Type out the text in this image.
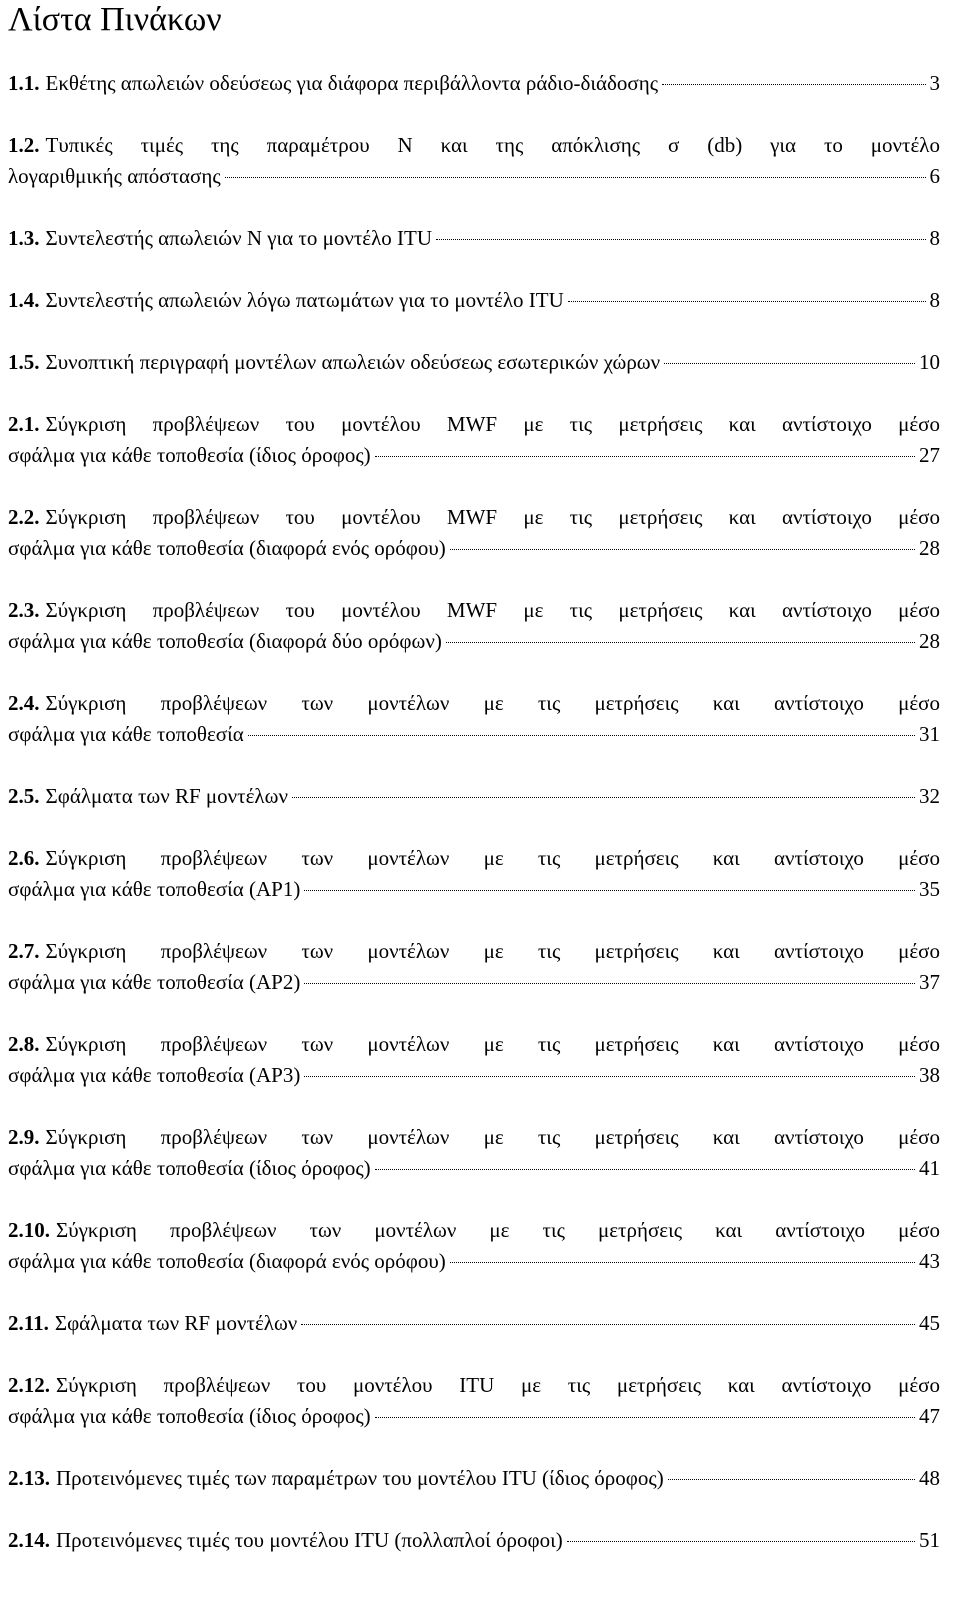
Λίστα Πινάκων
1.1. Εκθέτης απωλειών οδεύσεως για διάφορα περιβάλλοντα ράδιο-διάδοσης	3
1.2. Τυπικές τιμές της παραμέτρου Ν και της απόκλισης σ (db) για το μοντέλο
λογαριθμικής απόστασης	6
1.3. Συντελεστής απωλειών Ν για το μοντέλο ITU	8
1.4. Συντελεστής απωλειών λόγω πατωμάτων για το μοντέλο ITU	8
1.5. Συνοπτική περιγραφή μοντέλων απωλειών οδεύσεως εσωτερικών χώρων	10
2.1. Σύγκριση προβλέψεων του μοντέλου MWF με τις μετρήσεις και αντίστοιχο μέσο
σφάλμα για κάθε τοποθεσία (ίδιος όροφος)	27
2.2. Σύγκριση προβλέψεων του μοντέλου MWF με τις μετρήσεις και αντίστοιχο μέσο
σφάλμα για κάθε τοποθεσία (διαφορά ενός ορόφου)	28
2.3. Σύγκριση προβλέψεων του μοντέλου MWF με τις μετρήσεις και αντίστοιχο μέσο
σφάλμα για κάθε τοποθεσία (διαφορά δύο ορόφων)	28
2.4. Σύγκριση προβλέψεων των μοντέλων με τις μετρήσεις και αντίστοιχο μέσο
σφάλμα για κάθε τοποθεσία	31
2.5. Σφάλματα των RF μοντέλων	32
2.6. Σύγκριση προβλέψεων των μοντέλων με τις μετρήσεις και αντίστοιχο μέσο
σφάλμα για κάθε τοποθεσία (AP1)	35
2.7. Σύγκριση προβλέψεων των μοντέλων με τις μετρήσεις και αντίστοιχο μέσο
σφάλμα για κάθε τοποθεσία (AP2)	37
2.8. Σύγκριση προβλέψεων των μοντέλων με τις μετρήσεις και αντίστοιχο μέσο
σφάλμα για κάθε τοποθεσία (AP3)	38
2.9. Σύγκριση προβλέψεων των μοντέλων με τις μετρήσεις και αντίστοιχο μέσο
σφάλμα για κάθε τοποθεσία (ίδιος όροφος)	41
2.10. Σύγκριση προβλέψεων των μοντέλων με τις μετρήσεις και αντίστοιχο μέσο
σφάλμα για κάθε τοποθεσία (διαφορά ενός ορόφου)	43
2.11. Σφάλματα των RF μοντέλων	45
2.12. Σύγκριση προβλέψεων του μοντέλου ITU με τις μετρήσεις και αντίστοιχο μέσο
σφάλμα για κάθε τοποθεσία (ίδιος όροφος)	47
2.13. Προτεινόμενες τιμές των παραμέτρων του μοντέλου ITU (ίδιος όροφος)	48
2.14. Προτεινόμενες τιμές του μοντέλου ITU (πολλαπλοί όροφοι)	51
